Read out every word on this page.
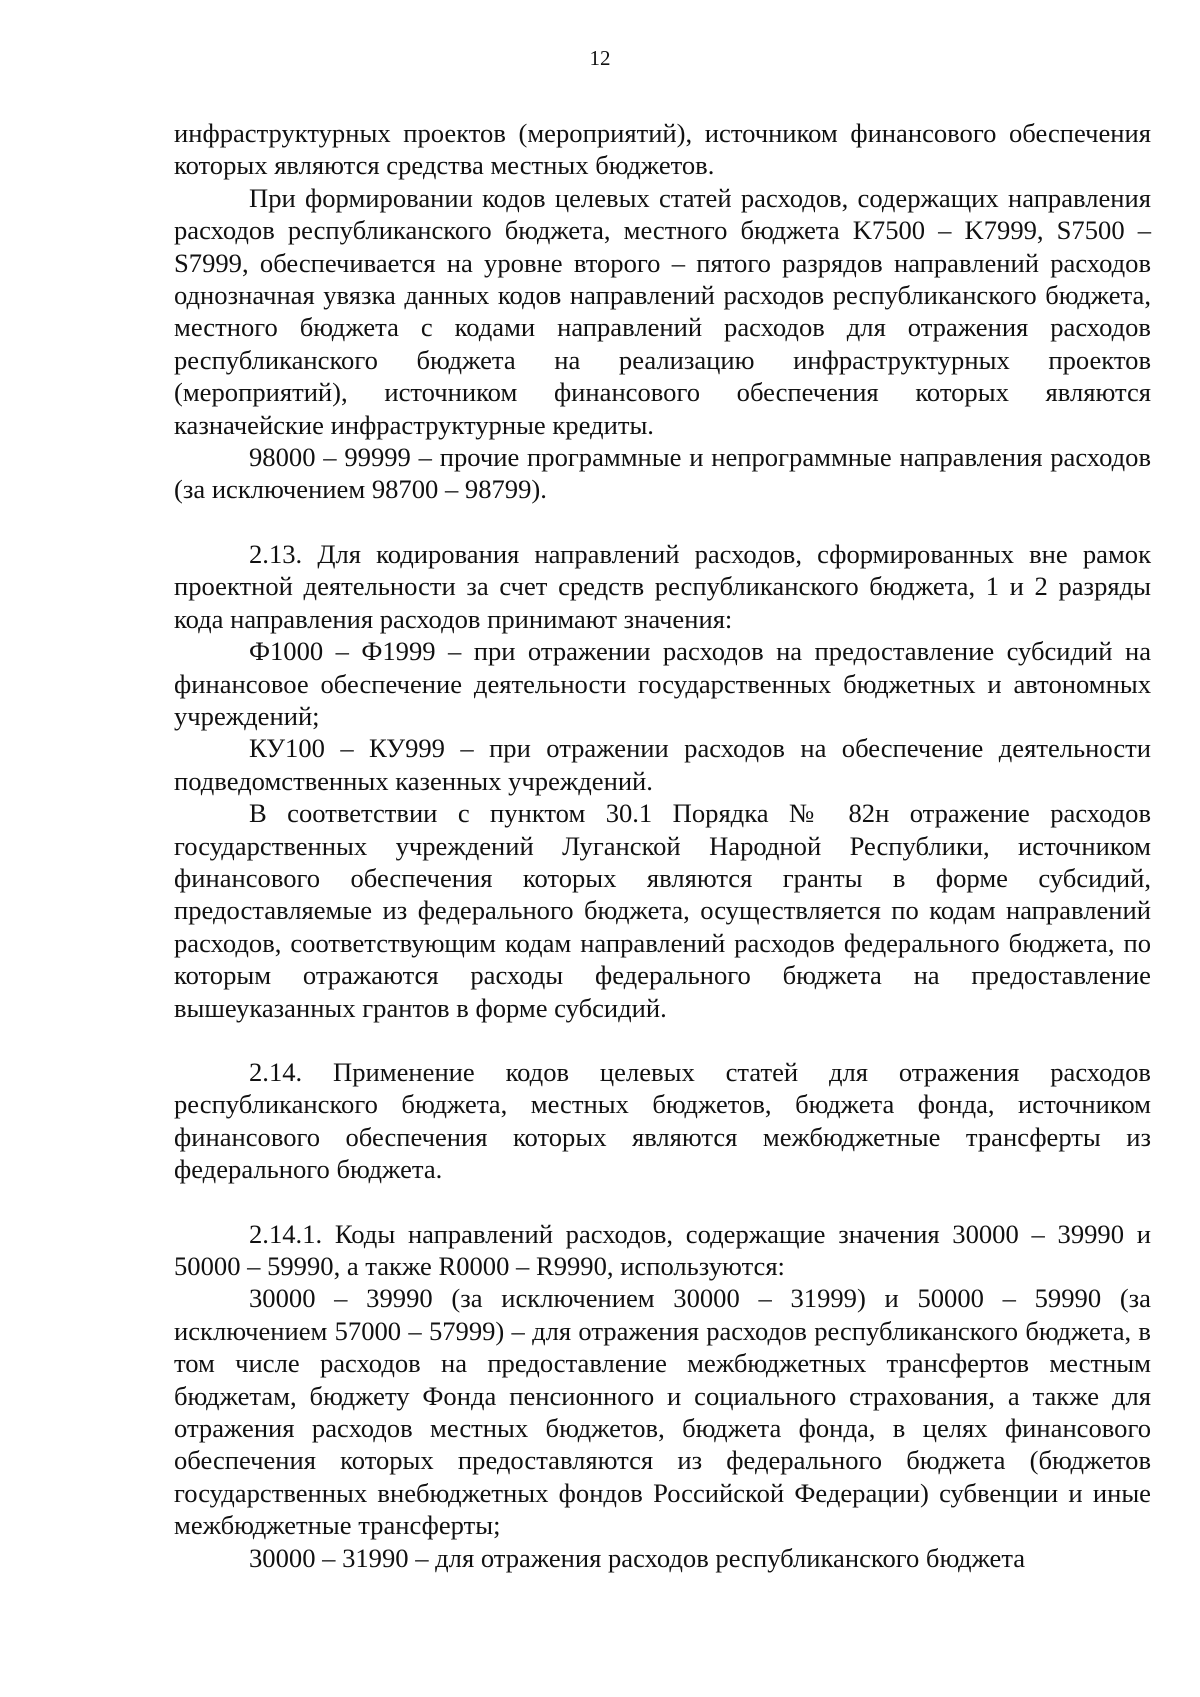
12

инфраструктурных проектов (мероприятий), источником финансового обеспечения которых являются средства местных бюджетов.

При формировании кодов целевых статей расходов, содержащих направления расходов республиканского бюджета, местного бюджета K7500 – K7999, S7500 – S7999, обеспечивается на уровне второго – пятого разрядов направлений расходов однозначная увязка данных кодов направлений расходов республиканского бюджета, местного бюджета с кодами направлений расходов для отражения расходов республиканского бюджета на реализацию инфраструктурных проектов (мероприятий), источником финансового обеспечения которых являются казначейские инфраструктурные кредиты.

98000 – 99999 – прочие программные и непрограммные направления расходов (за исключением 98700 – 98799).

2.13. Для кодирования направлений расходов, сформированных вне рамок проектной деятельности за счет средств республиканского бюджета, 1 и 2 разряды кода направления расходов принимают значения:

Ф1000 – Ф1999 – при отражении расходов на предоставление субсидий на финансовое обеспечение деятельности государственных бюджетных и автономных учреждений;

КУ100 – КУ999 – при отражении расходов на обеспечение деятельности подведомственных казенных учреждений.

В соответствии с пунктом 30.1 Порядка № 82н отражение расходов государственных учреждений Луганской Народной Республики, источником финансового обеспечения которых являются гранты в форме субсидий, предоставляемые из федерального бюджета, осуществляется по кодам направлений расходов, соответствующим кодам направлений расходов федерального бюджета, по которым отражаются расходы федерального бюджета на предоставление вышеуказанных грантов в форме субсидий.

2.14. Применение кодов целевых статей для отражения расходов республиканского бюджета, местных бюджетов, бюджета фонда, источником финансового обеспечения которых являются межбюджетные трансферты из федерального бюджета.

2.14.1. Коды направлений расходов, содержащие значения 30000 – 39990 и 50000 – 59990, а также R0000 – R9990, используются:

30000 – 39990 (за исключением 30000 – 31999) и 50000 – 59990 (за исключением 57000 – 57999) – для отражения расходов республиканского бюджета, в том числе расходов на предоставление межбюджетных трансфертов местным бюджетам, бюджету Фонда пенсионного и социального страхования, а также для отражения расходов местных бюджетов, бюджета фонда, в целях финансового обеспечения которых предоставляются из федерального бюджета (бюджетов государственных внебюджетных фондов Российской Федерации) субвенции и иные межбюджетные трансферты;

30000 – 31990 – для отражения расходов республиканского бюджета
